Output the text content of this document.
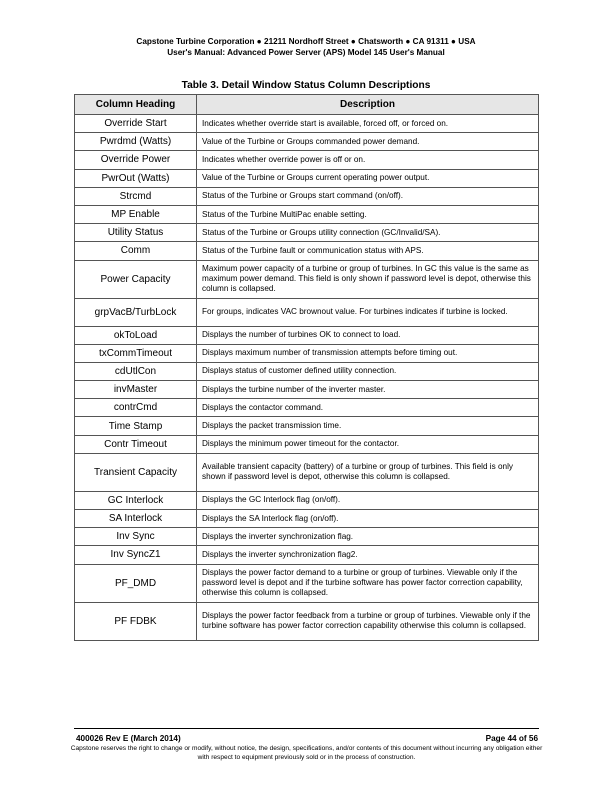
Capstone Turbine Corporation ● 21211 Nordhoff Street ● Chatsworth ● CA 91311 ● USA
User's Manual: Advanced Power Server (APS) Model 145 User's Manual
Table 3. Detail Window Status Column Descriptions
Column Heading	Description
Override Start	Indicates whether override start is available, forced off, or forced on.
Pwrdmd (Watts)	Value of the Turbine or Groups commanded power demand.
Override Power	Indicates whether override power is off or on.
PwrOut (Watts)	Value of the Turbine or Groups current operating power output.
Strcmd	Status of the Turbine or Groups start command (on/off).
MP Enable	Status of the Turbine MultiPac enable setting.
Utility Status	Status of the Turbine or Groups utility connection (GC/Invalid/SA).
Comm	Status of the Turbine fault or communication status with APS.
Power Capacity	Maximum power capacity of a turbine or group of turbines. In GC this value is the same as maximum power demand. This field is only shown if password level is depot, otherwise this column is collapsed.
grpVacB/TurbLock	For groups, indicates VAC brownout value. For turbines indicates if turbine is locked.
okToLoad	Displays the number of turbines OK to connect to load.
txCommTimeout	Displays maximum number of transmission attempts before timing out.
cdUtlCon	Displays status of customer defined utility connection.
invMaster	Displays the turbine number of the inverter master.
contrCmd	Displays the contactor command.
Time Stamp	Displays the packet transmission time.
Contr Timeout	Displays the minimum power timeout for the contactor.
Transient Capacity	Available transient capacity (battery) of a turbine or group of turbines. This field is only shown if password level is depot, otherwise this column is collapsed.
GC Interlock	Displays the GC Interlock flag (on/off).
SA Interlock	Displays the SA Interlock flag (on/off).
Inv Sync	Displays the inverter synchronization flag.
Inv SyncZ1	Displays the inverter synchronization flag2.
PF_DMD	Displays the power factor demand to a turbine or group of turbines. Viewable only if the password level is depot and if the turbine software has power factor correction capability, otherwise this column is collapsed.
PF FDBK	Displays the power factor feedback from a turbine or group of turbines. Viewable only if the turbine software has power factor correction capability otherwise this column is collapsed.
400026 Rev E (March 2014)	Page 44 of 56
Capstone reserves the right to change or modify, without notice, the design, specifications, and/or contents of this document without incurring any obligation either with respect to equipment previously sold or in the process of construction.
